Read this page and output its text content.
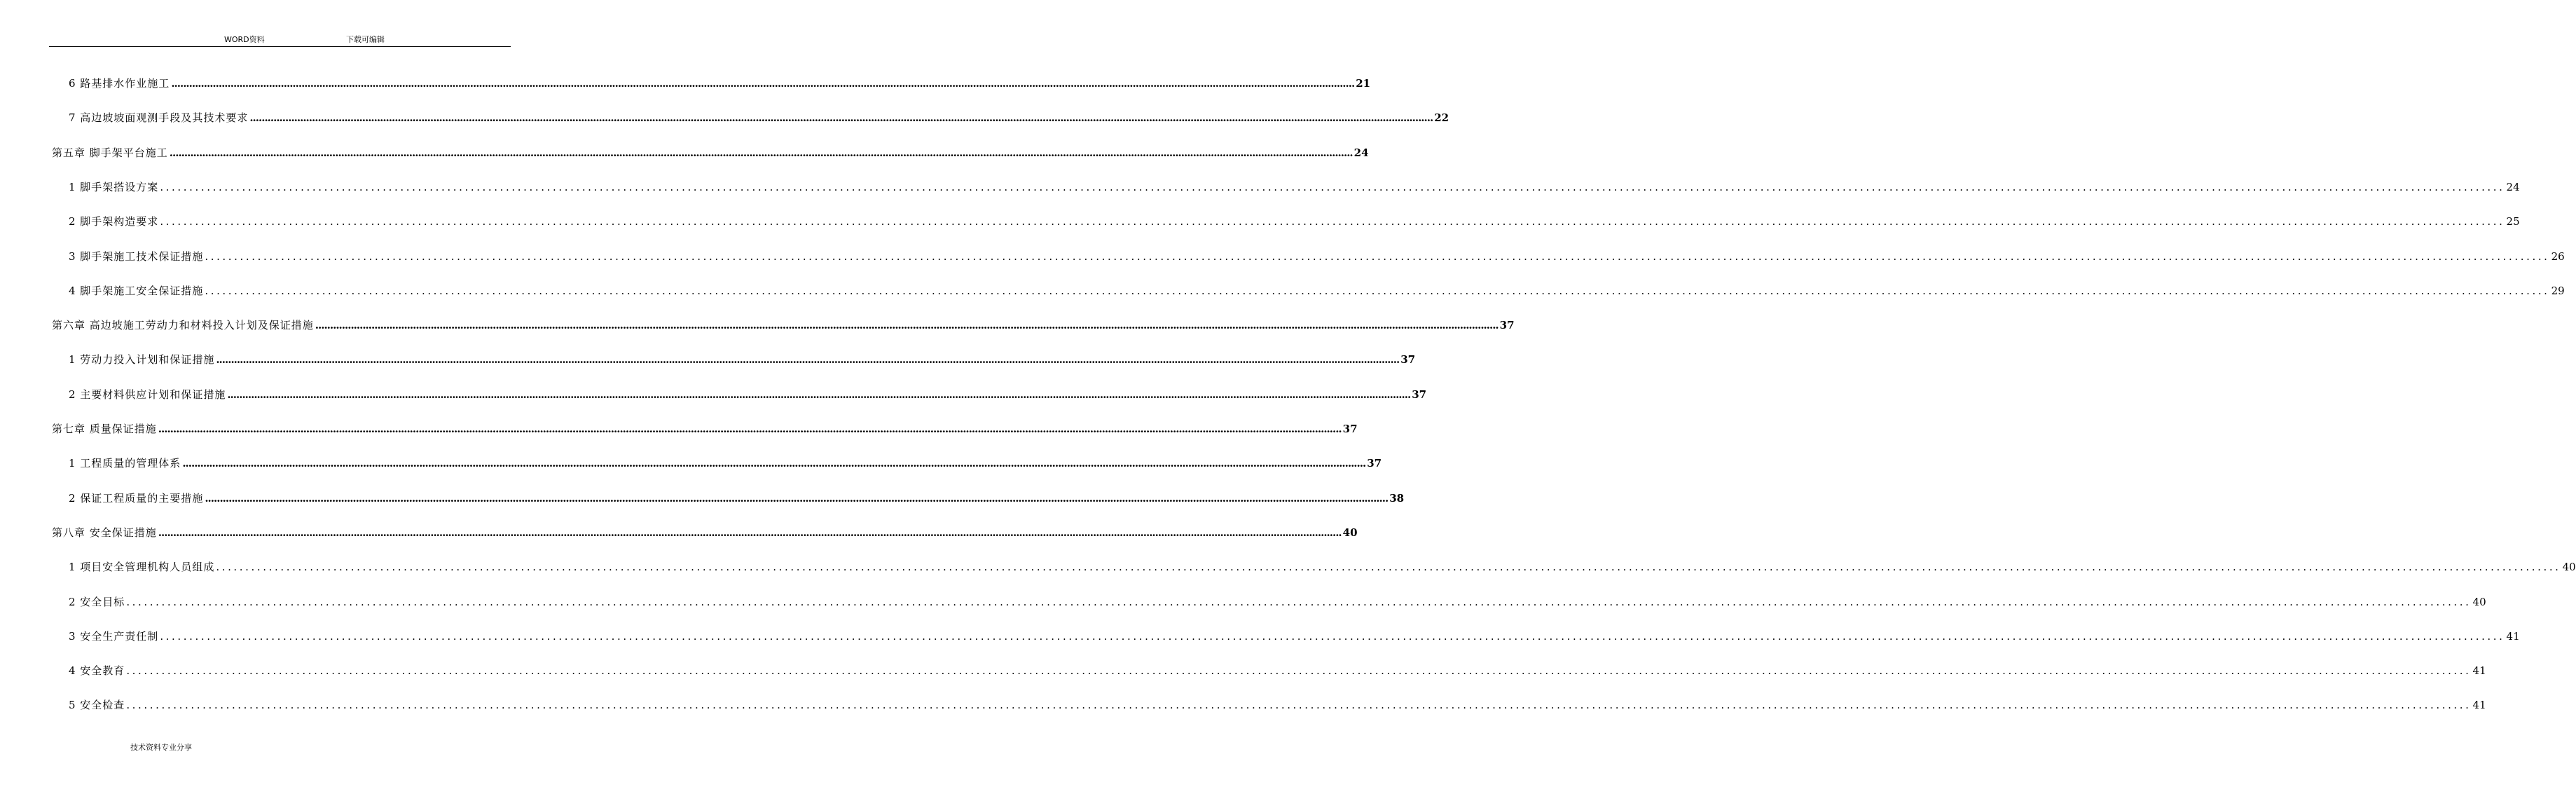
WORD资料	下载可编辑
6 路基排水作业施工 ................................................................................................................................................................................................................................................................................................................................................................................................................ 21
7 高边坡坡面观测手段及其技术要求 ................................................................................................................................................................................................................................................................................................................................................................................................................ 22
第五章 脚手架平台施工 ................................................................................................................................................................................................................................................................................................................................................................................................................ 24
1 脚手架搭设方案 ................................................................................................................................................................................................................................................................................................................................................................................................................ 24
2 脚手架构造要求 ................................................................................................................................................................................................................................................................................................................................................................................................................ 25
3 脚手架施工技术保证措施 ................................................................................................................................................................................................................................................................................................................................................................................................................ 26
4 脚手架施工安全保证措施 ................................................................................................................................................................................................................................................................................................................................................................................................................ 29
第六章 高边坡施工劳动力和材料投入计划及保证措施 ................................................................................................................................................................................................................................................................................................................................................................................................................ 37
1 劳动力投入计划和保证措施 ................................................................................................................................................................................................................................................................................................................................................................................................................ 37
2 主要材料供应计划和保证措施 ................................................................................................................................................................................................................................................................................................................................................................................................................ 37
第七章 质量保证措施 ................................................................................................................................................................................................................................................................................................................................................................................................................ 37
1 工程质量的管理体系 ................................................................................................................................................................................................................................................................................................................................................................................................................ 37
2 保证工程质量的主要措施 ................................................................................................................................................................................................................................................................................................................................................................................................................ 38
第八章 安全保证措施 ................................................................................................................................................................................................................................................................................................................................................................................................................ 40
1 项目安全管理机构人员组成 ................................................................................................................................................................................................................................................................................................................................................................................................................ 40
2 安全目标 ................................................................................................................................................................................................................................................................................................................................................................................................................ 40
3 安全生产责任制 ................................................................................................................................................................................................................................................................................................................................................................................................................ 41
4 安全教育 ................................................................................................................................................................................................................................................................................................................................................................................................................ 41
5 安全检查 ................................................................................................................................................................................................................................................................................................................................................................................................................ 41
技术资料专业分享
